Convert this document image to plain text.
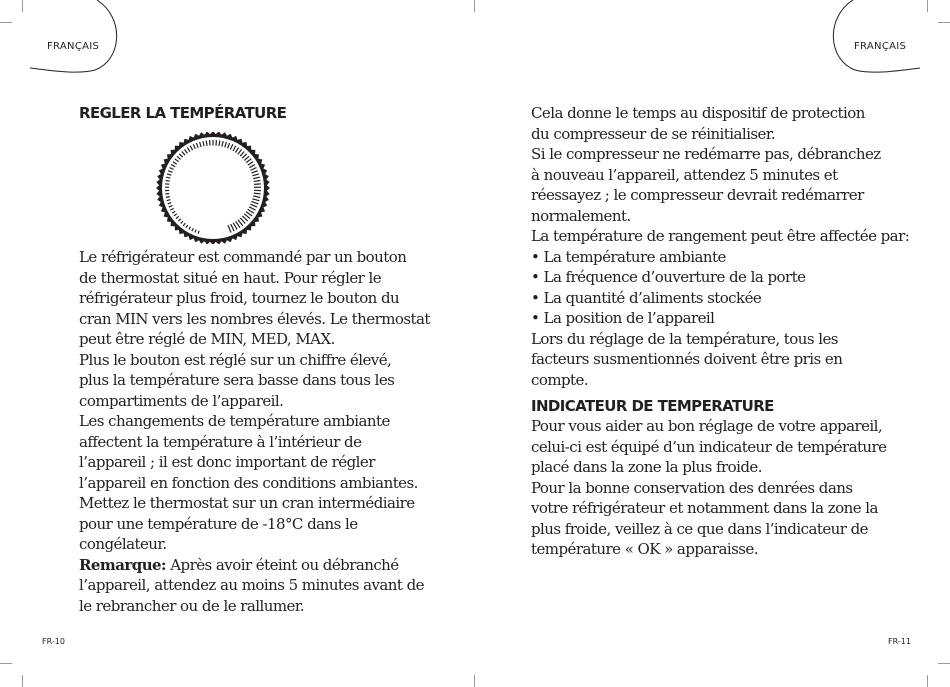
FRANÇAIS	FRANÇAIS
REGLER LA TEMPÉRATURE
Le réfrigérateur est commandé par un bouton
de thermostat situé en haut. Pour régler le
réfrigérateur plus froid, tournez le bouton du
cran MIN vers les nombres élevés. Le thermostat
peut être réglé de MIN, MED, MAX.
Plus le bouton est réglé sur un chiffre élevé,
plus la température sera basse dans tous les
compartiments de l’appareil.
Les changements de température ambiante
affectent la température à l’intérieur de
l’appareil ; il est donc important de régler
l’appareil en fonction des conditions ambiantes.
Mettez le thermostat sur un cran intermédiaire
pour une température de -18°C dans le
congélateur.
Remarque: Après avoir éteint ou débranché
l’appareil, attendez au moins 5 minutes avant de
le rebrancher ou de le rallumer.
FR-10
Cela donne le temps au dispositif de protection
du compresseur de se réinitialiser.
Si le compresseur ne redémarre pas, débranchez
à nouveau l’appareil, attendez 5 minutes et
réessayez ; le compresseur devrait redémarrer
normalement.
La température de rangement peut être affectée par:
• La température ambiante
• La fréquence d’ouverture de la porte
• La quantité d’aliments stockée
• La position de l’appareil
Lors du réglage de la température, tous les
facteurs susmentionnés doivent être pris en
compte.
INDICATEUR DE TEMPERATURE
Pour vous aider au bon réglage de votre appareil,
celui-ci est équipé d’un indicateur de température
placé dans la zone la plus froide.
Pour la bonne conservation des denrées dans
votre réfrigérateur et notamment dans la zone la
plus froide, veillez à ce que dans l’indicateur de
température « OK » apparaisse.
FR-11
